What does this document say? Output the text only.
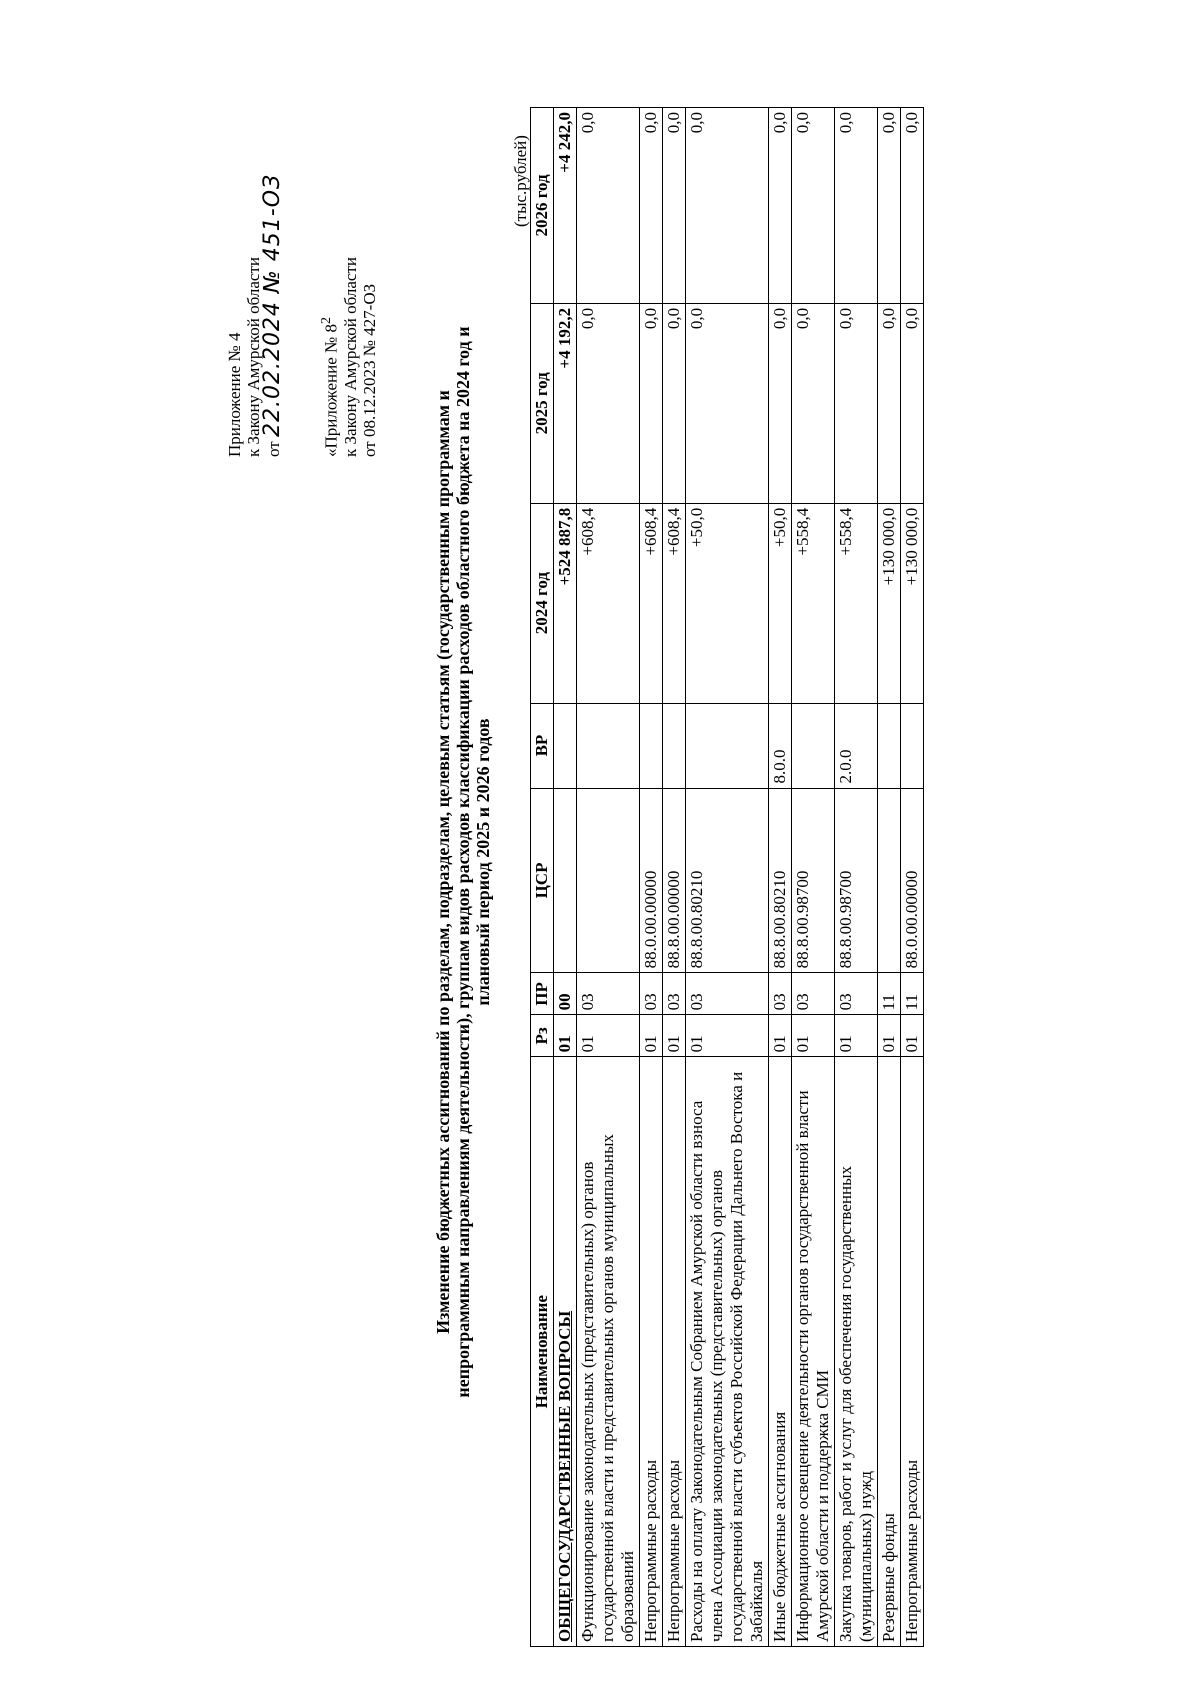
Приложение № 4 к Закону Амурской области от 22.02.2024 № 451-ОЗ «Приложение № $8^2$ к Закону Амурской области от 08.12.2023 № 427-ОЗ
Изменение бюджетных ассигнований по разделам, подразделам, целевым статьям (государственным программам и непрограммным направлениям деятельности), группам видов расходов классификации расходов областного бюджета на 2024 год и плановый период 2025 и 2026 годов
(тыс.рублей)
Наименование	Рз	ПР	ЦСР	ВР	2024 год	2025 год	2026 год
ОБЩЕГОСУДАРСТВЕННЫЕ ВОПРОСЫ	01	00			+524 887,8	+4 192,2	+4 242,0
Функционирование законодательных (представительных) органов государственной власти и представительных органов муниципальных образований	01	03			+608,4	0,0	0,0
Непрограммные расходы	01	03	88.0.00.00000		+608,4	0,0	0,0
Непрограммные расходы	01	03	88.8.00.00000		+608,4	0,0	0,0
Расходы на оплату Законодательным Собранием Амурской области взноса члена Ассоциации законодательных (представительных) органов государственной власти субъектов Российской Федерации Дальнего Востока и Забайкалья	01	03	88.8.00.80210		+50,0	0,0	0,0
Иные бюджетные ассигнования	01	03	88.8.00.80210	8.0.0	+50,0	0,0	0,0
Информационное освещение деятельности органов государственной власти Амурской области и поддержка СМИ	01	03	88.8.00.98700		+558,4	0,0	0,0
Закупка товаров, работ и услуг для обеспечения государственных (муниципальных) нужд	01	03	88.8.00.98700	2.0.0	+558,4	0,0	0,0
Резервные фонды	01	11			+130 000,0	0,0	0,0
Непрограммные расходы	01	11	88.0.00.00000		+130 000,0	0,0	0,0
